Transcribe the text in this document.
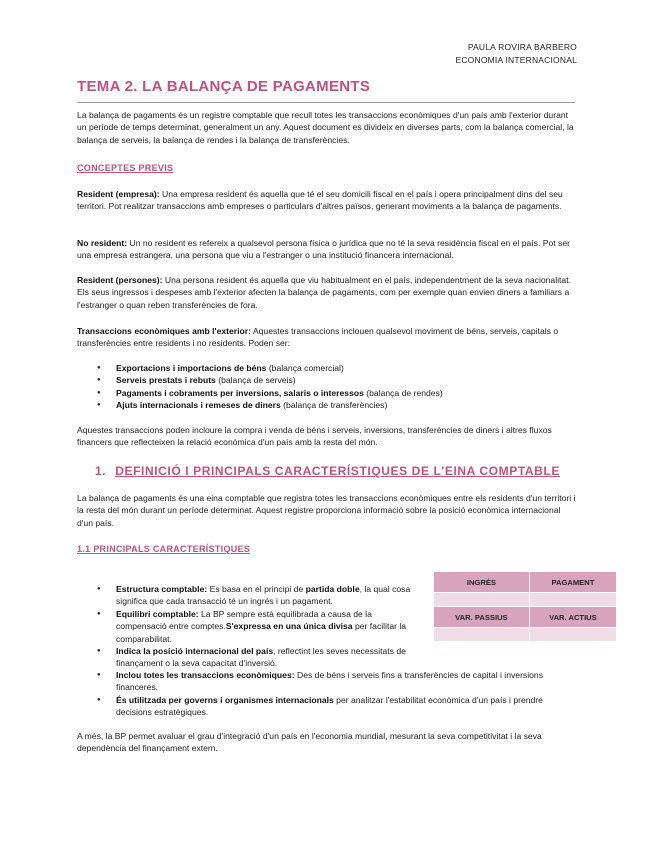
PAULA ROVIRA BARBERO
ECONOMIA INTERNACIONAL
TEMA 2. LA BALANÇA DE PAGAMENTS

La balança de pagaments és un registre comptable que recull totes les transaccions econòmiques d'un país amb l'exterior durant un període de temps determinat, generalment un any. Aquest document es divideix en diverses parts, com la balança comercial, la balança de serveis, la balança de rendes i la balança de transferències.

CONCEPTES PREVIS

Resident (empresa): Una empresa resident és aquella que té el seu domicili fiscal en el país i opera principalment dins del seu territori. Pot realitzar transaccions amb empreses o particulars d'altres països, generant moviments a la balança de pagaments.

No resident: Un no resident es refereix a qualsevol persona física o jurídica que no té la seva residència fiscal en el país. Pot ser una empresa estrangera, una persona que viu a l'estranger o una institució financera internacional.

Resident (persones): Una persona resident és aquella que viu habitualment en el país, independentment de la seva nacionalitat. Els seus ingressos i despeses amb l'exterior afecten la balança de pagaments, com per exemple quan envien diners a familiars a l'estranger o quan reben transferències de fora.

Transaccions econòmiques amb l'exterior: Aquestes transaccions inclouen qualsevol moviment de béns, serveis, capitals o transferències entre residents i no residents. Poden ser:

● Exportacions i importacions de béns (balança comercial)
● Serveis prestats i rebuts (balança de serveis)
● Pagaments i cobraments per inversions, salaris o interessos (balança de rendes)
● Ajuts internacionals i remeses de diners (balança de transferències)

Aquestes transaccions poden incloure la compra i venda de béns i serveis, inversions, transferències de diners i altres fluxos financers que reflecteixen la relació econòmica d'un país amb la resta del món.

1. DEFINICIÓ I PRINCIPALS CARACTERÍSTIQUES DE L'EINA COMPTABLE

La balança de pagaments és una eina comptable que registra totes les transaccions econòmiques entre els residents d'un territori i la resta del món durant un període determinat. Aquest registre proporciona informació sobre la posició econòmica internacional d'un país.

1.1 PRINCIPALS CARACTERÍSTIQUES
● Estructura comptable: Es basa en el principi de partida doble, la qual cosa significa que cada transacció té un ingrés i un pagament.
● Equilibri comptable: La BP sempre està equilibrada a causa de la compensació entre comptes.S'expressa en una única divisa per facilitar la comparabilitat.
● Indica la posició internacional del país, reflectint les seves necessitats de finançament o la seva capacitat d'inversió.
● Inclou totes les transaccions econòmiques: Des de béns i serveis fins a transferències de capital i inversions financeres.
● És utilitzada per governs i organismes internacionals per analitzar l'estabilitat econòmica d'un país i prendre decisions estratègiques.
INGRÉS	PAGAMENT

VAR. PASSIUS	VAR. ACTIUS

A més, la BP permet avaluar el grau d'integració d'un país en l'economia mundial, mesurant la seva competitivitat i la seva dependència del finançament extern.
